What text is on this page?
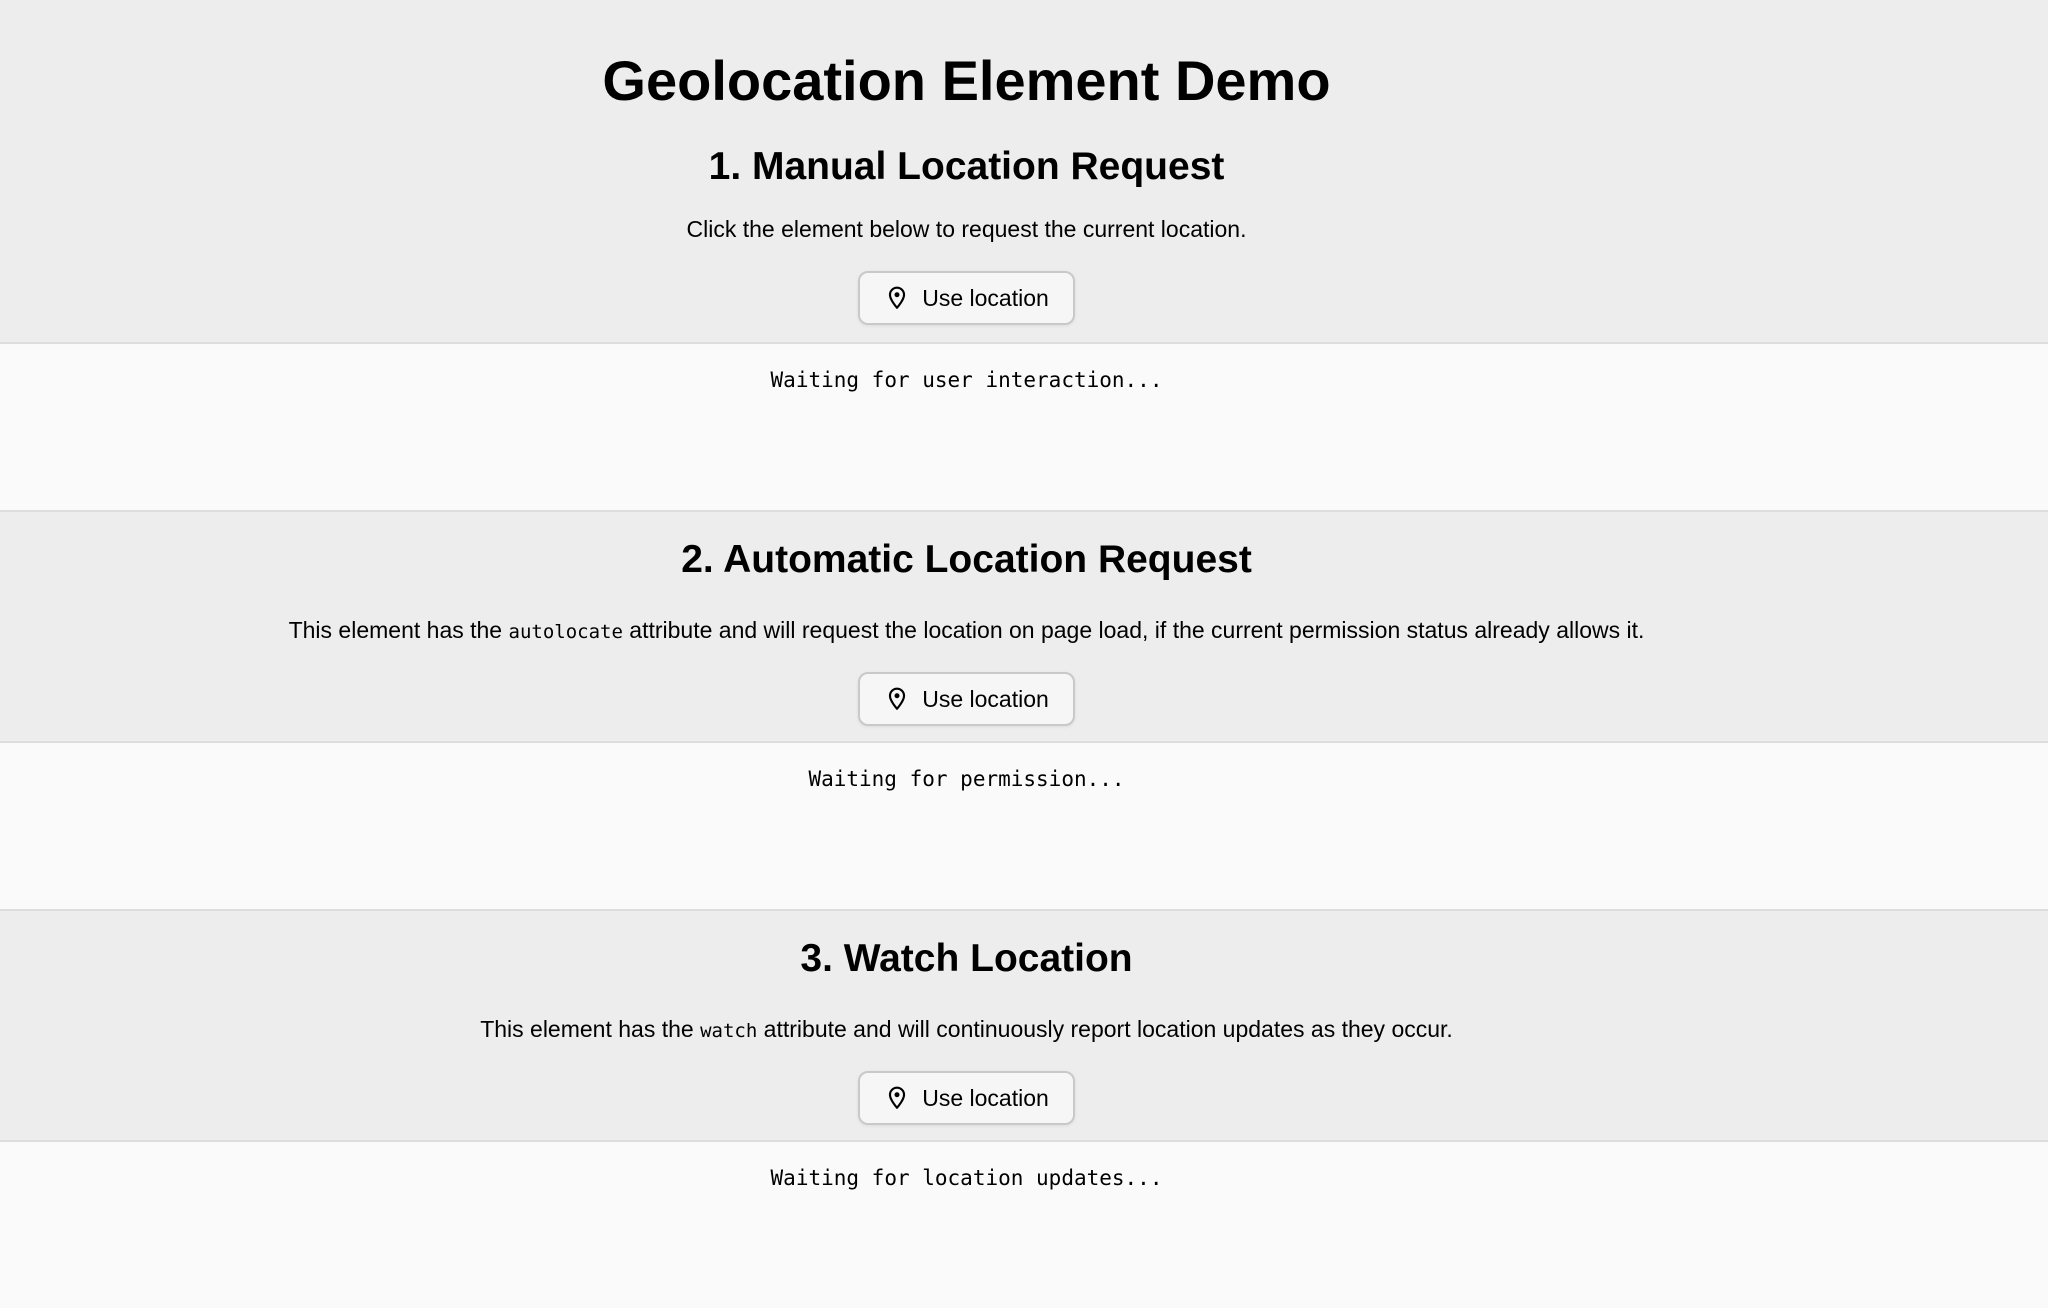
Geolocation Element Demo
1. Manual Location Request

Click the element below to request the current location.

Use location
Waiting for user interaction...
2. Automatic Location Request

This element has the autolocate attribute and will request the location on page load, if the current permission status already allows it.

Use location
Waiting for permission...
3. Watch Location

This element has the watch attribute and will continuously report location updates as they occur.

Use location
Waiting for location updates...
